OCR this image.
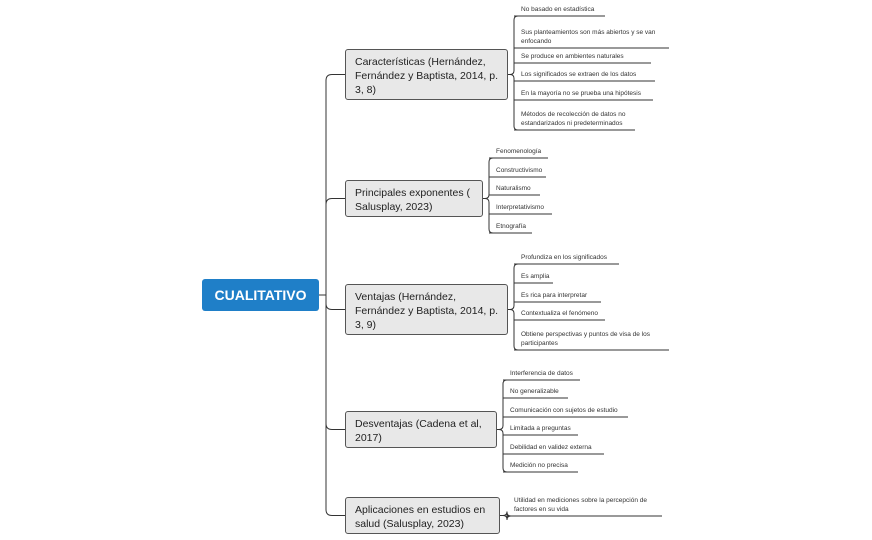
CUALITATIVO
Características (Hernández, Fernández y Baptista, 2014, p. 3, 8)
Principales exponentes ( Salusplay, 2023)
Ventajas (Hernández, Fernández y Baptista, 2014, p. 3, 9)
Desventajas (Cadena et al, 2017)
Aplicaciones en estudios en salud (Salusplay, 2023)
No basado en estadística
Sus planteamientos son más abiertos y se van enfocando
Se produce en ambientes naturales
Los significados se extraen de los datos
En la mayoría no se prueba una hipótesis
Métodos de recolección de datos no estandarizados ni predeterminados
Fenomenología
Constructivismo
Naturalismo
Interpretativismo
Etnografía
Profundiza en los significados
Es amplia
Es rica para interpretar
Contextualiza el fenómeno
Obtiene perspectivas y puntos de visa de los participantes
Interferencia de datos
No generalizable
Comunicación con sujetos de estudio
Limitada a preguntas
Debilidad en validez externa
Medición no precisa
Utilidad en mediciones sobre la percepción de factores en su vida
